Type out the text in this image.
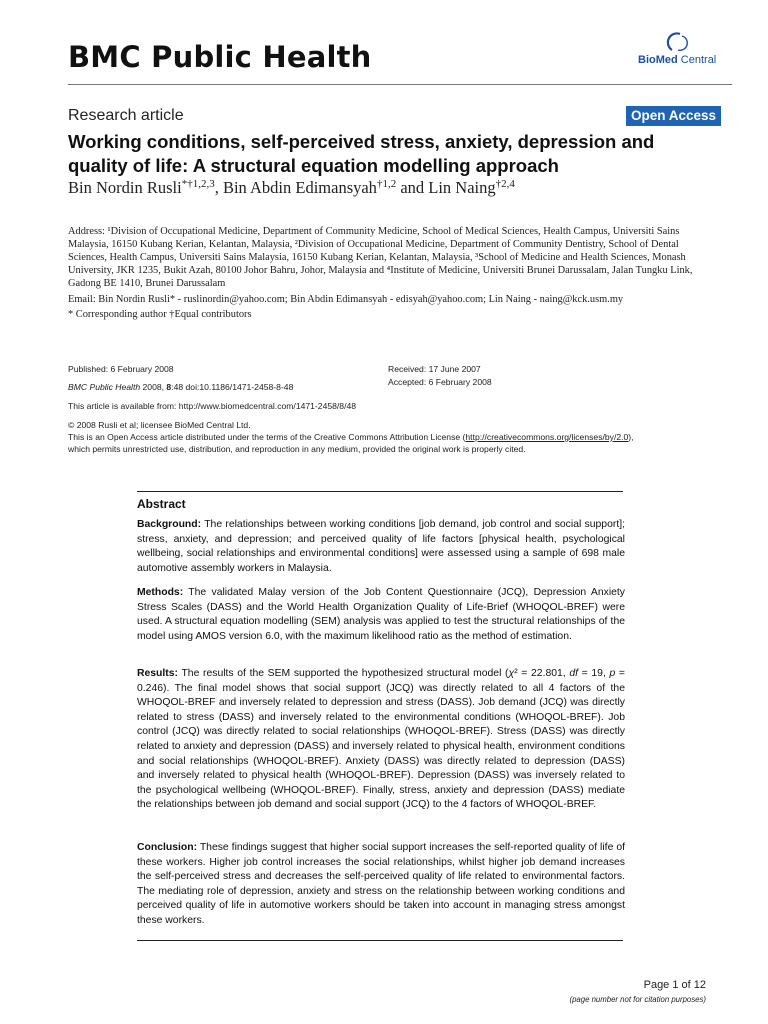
BMC Public Health	BioMed Central
Research article	Open Access
Working conditions, self-perceived stress, anxiety, depression and quality of life: A structural equation modelling approach
Bin Nordin Rusli$^{*\dagger 1,2,3}$, Bin Abdin Edimansyah$^{\dagger 1,2}$ and Lin Naing$^{\dagger 2,4}$
Address: ¹Division of Occupational Medicine, Department of Community Medicine, School of Medical Sciences, Health Campus, Universiti Sains Malaysia, 16150 Kubang Kerian, Kelantan, Malaysia, ²Division of Occupational Medicine, Department of Community Dentistry, School of Dental Sciences, Health Campus, Universiti Sains Malaysia, 16150 Kubang Kerian, Kelantan, Malaysia, ³School of Medicine and Health Sciences, Monash University, JKR 1235, Bukit Azah, 80100 Johor Bahru, Johor, Malaysia and ⁴Institute of Medicine, Universiti Brunei Darussalam, Jalan Tungku Link, Gadong BE 1410, Brunei Darussalam
Email: Bin Nordin Rusli* - ruslinordin@yahoo.com; Bin Abdin Edimansyah - edisyah@yahoo.com; Lin Naing - naing@kck.usm.my
* Corresponding author †Equal contributors
Published: 6 February 2008
BMC Public Health 2008, 8:48 doi:10.1186/1471-2458-8-48
Received: 17 June 2007
Accepted: 6 February 2008
This article is available from: http://www.biomedcentral.com/1471-2458/8/48
© 2008 Rusli et al; licensee BioMed Central Ltd.
This is an Open Access article distributed under the terms of the Creative Commons Attribution License (http://creativecommons.org/licenses/by/2.0),
which permits unrestricted use, distribution, and reproduction in any medium, provided the original work is properly cited.
Abstract
Background: The relationships between working conditions [job demand, job control and social support]; stress, anxiety, and depression; and perceived quality of life factors [physical health, psychological wellbeing, social relationships and environmental conditions] were assessed using a sample of 698 male automotive assembly workers in Malaysia.
Methods: The validated Malay version of the Job Content Questionnaire (JCQ), Depression Anxiety Stress Scales (DASS) and the World Health Organization Quality of Life-Brief (WHOQOL-BREF) were used. A structural equation modelling (SEM) analysis was applied to test the structural relationships of the model using AMOS version 6.0, with the maximum likelihood ratio as the method of estimation.
Results: The results of the SEM supported the hypothesized structural model (χ² = 22.801, df = 19, p = 0.246). The final model shows that social support (JCQ) was directly related to all 4 factors of the WHOQOL-BREF and inversely related to depression and stress (DASS). Job demand (JCQ) was directly related to stress (DASS) and inversely related to the environmental conditions (WHOQOL-BREF). Job control (JCQ) was directly related to social relationships (WHOQOL-BREF). Stress (DASS) was directly related to anxiety and depression (DASS) and inversely related to physical health, environment conditions and social relationships (WHOQOL-BREF). Anxiety (DASS) was directly related to depression (DASS) and inversely related to physical health (WHOQOL-BREF). Depression (DASS) was inversely related to the psychological wellbeing (WHOQOL-BREF). Finally, stress, anxiety and depression (DASS) mediate the relationships between job demand and social support (JCQ) to the 4 factors of WHOQOL-BREF.
Conclusion: These findings suggest that higher social support increases the self-reported quality of life of these workers. Higher job control increases the social relationships, whilst higher job demand increases the self-perceived stress and decreases the self-perceived quality of life related to environmental factors. The mediating role of depression, anxiety and stress on the relationship between working conditions and perceived quality of life in automotive workers should be taken into account in managing stress amongst these workers.
Page 1 of 12
(page number not for citation purposes)
